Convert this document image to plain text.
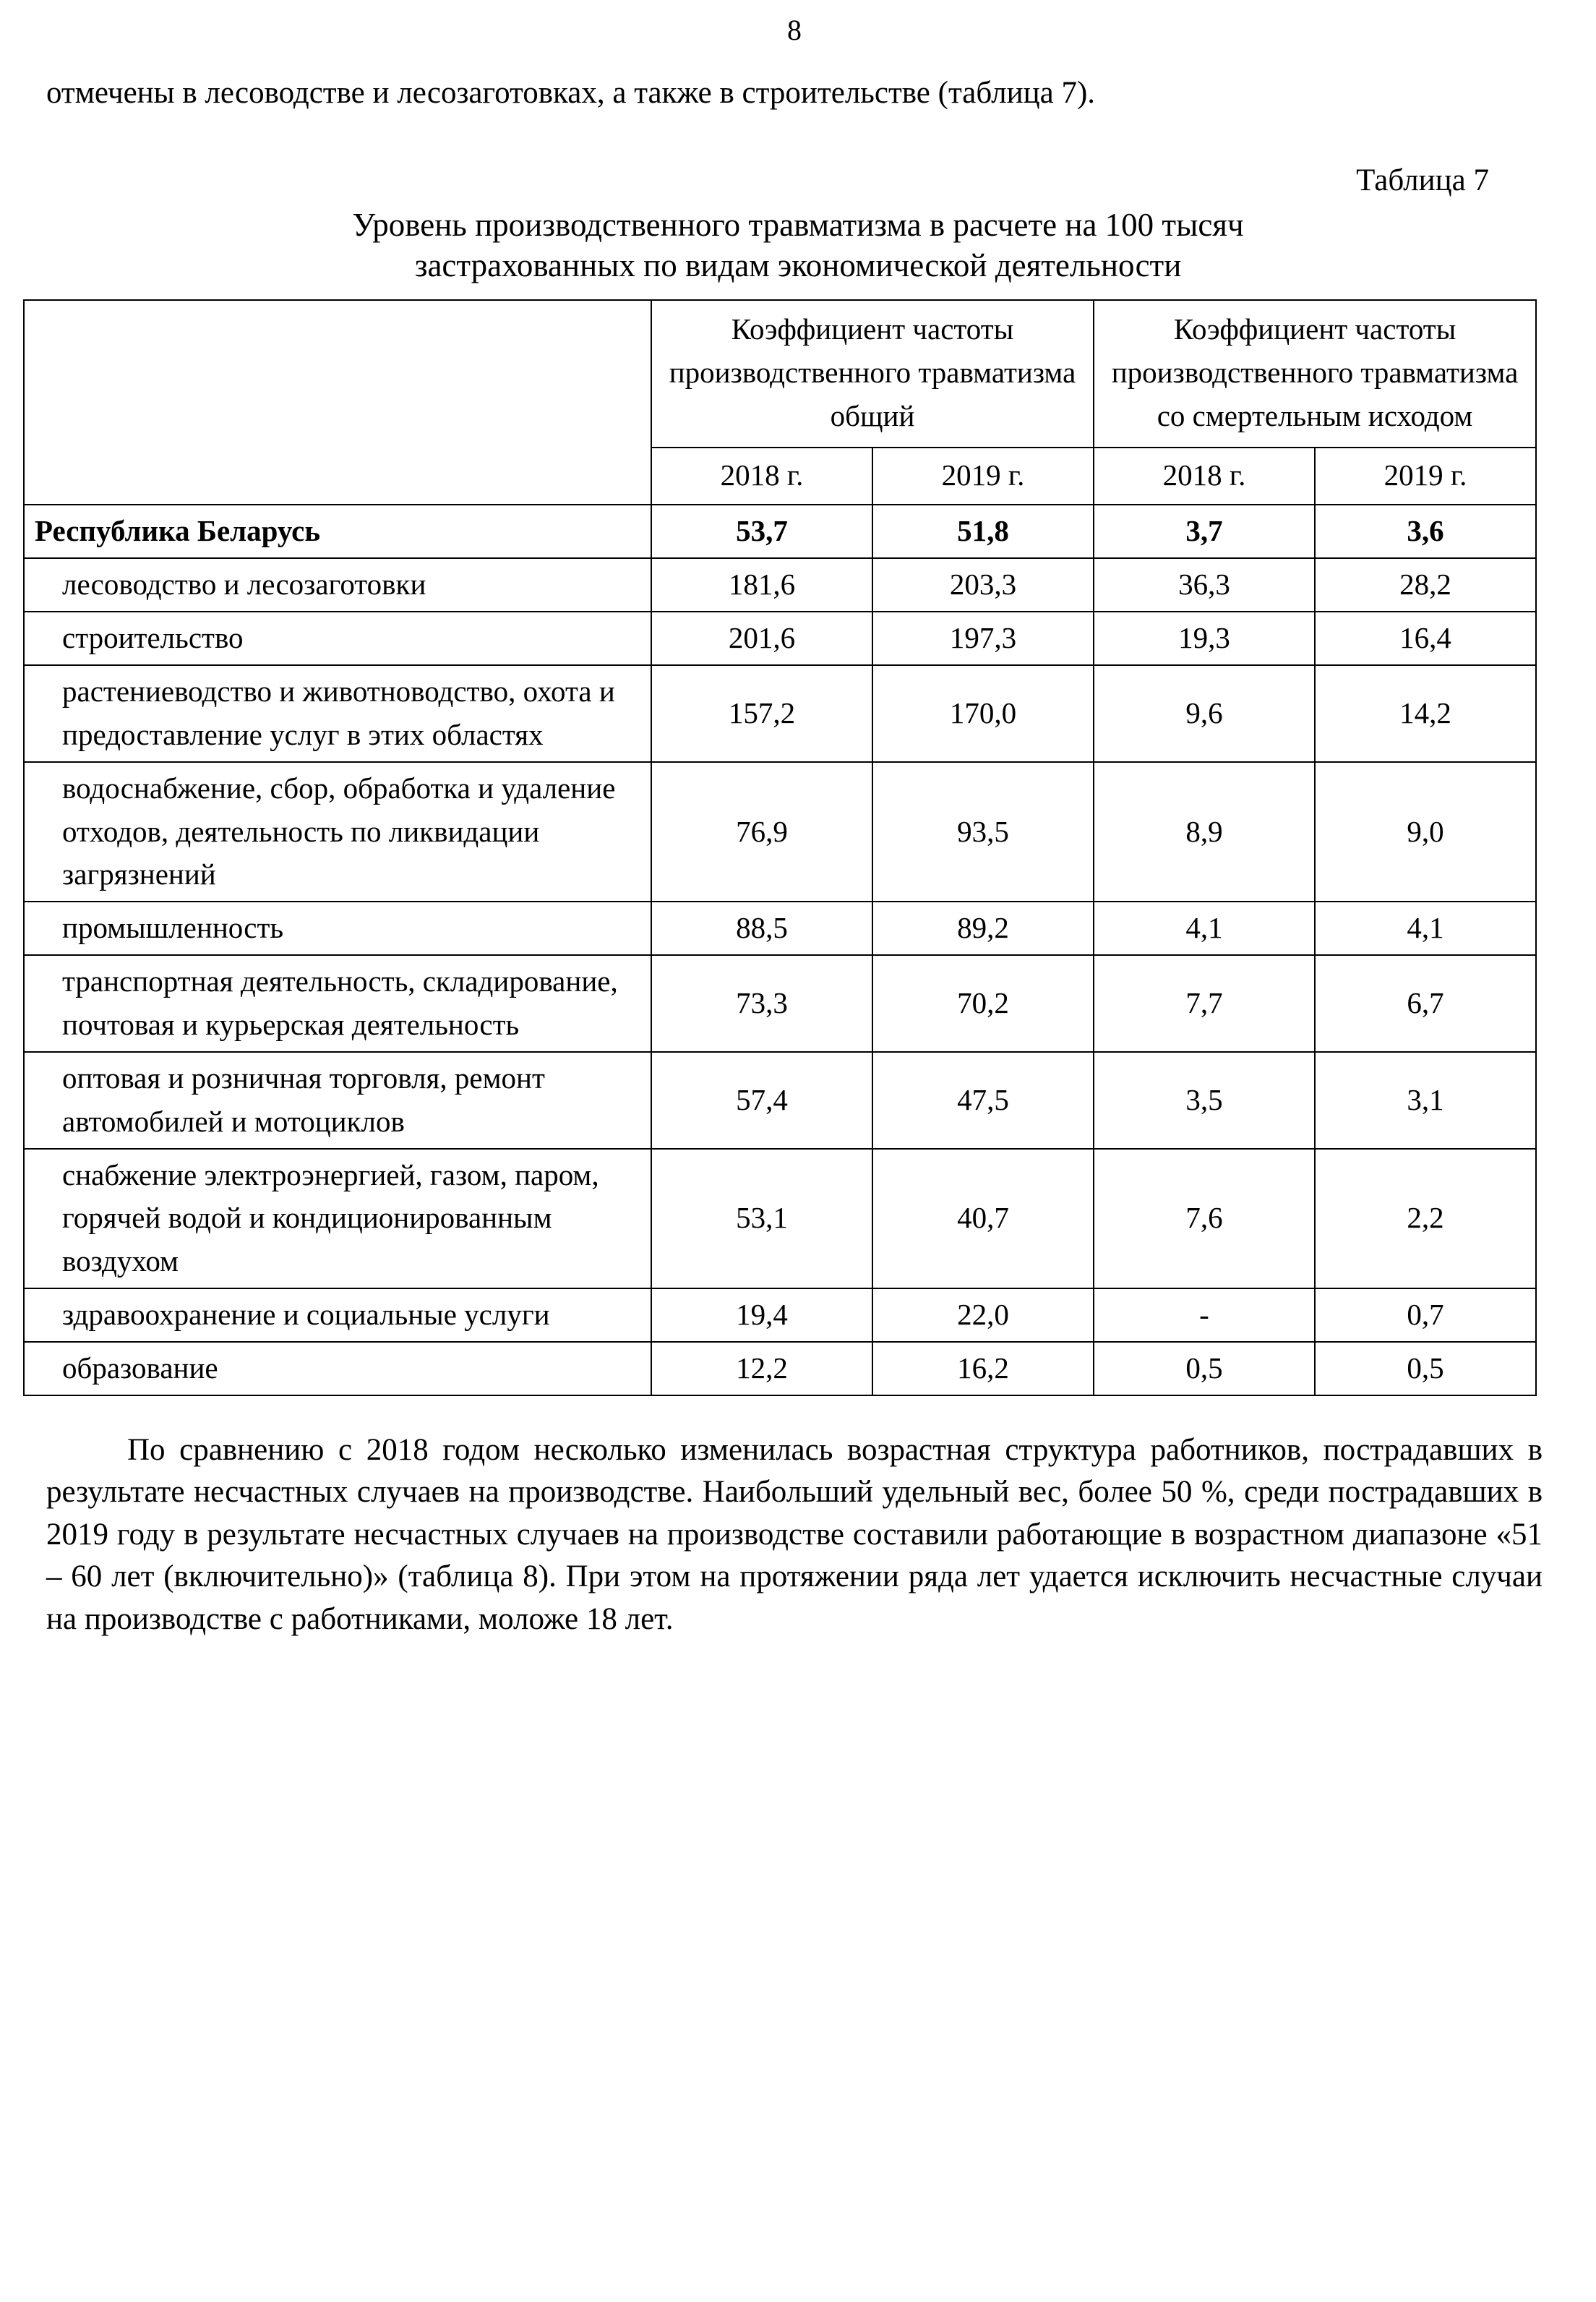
8

отмечены в лесоводстве и лесозаготовках, а также в строительстве (таблица 7).

Таблица 7
Уровень производственного травматизма в расчете на 100 тысяч
застрахованных по видам экономической деятельности
	Коэффициент частоты производственного травматизма общий		Коэффициент частоты производственного травматизма со смертельным исходом	
	2018 г.	2019 г.	2018 г.	2019 г.
Республика Беларусь	53,7	51,8	3,7	3,6
лесоводство и лесозаготовки	181,6	203,3	36,3	28,2
строительство	201,6	197,3	19,3	16,4
растениеводство и животноводство, охота и предоставление услуг в этих областях	157,2	170,0	9,6	14,2
водоснабжение, сбор, обработка и удаление отходов, деятельность по ликвидации загрязнений	76,9	93,5	8,9	9,0
промышленность	88,5	89,2	4,1	4,1
транспортная деятельность, складирование, почтовая и курьерская деятельность	73,3	70,2	7,7	6,7
оптовая и розничная торговля, ремонт автомобилей и мотоциклов	57,4	47,5	3,5	3,1
снабжение электроэнергией, газом, паром, горячей водой и кондиционированным воздухом	53,1	40,7	7,6	2,2
здравоохранение и социальные услуги	19,4	22,0	-	0,7
образование	12,2	16,2	0,5	0,5

По сравнению с 2018 годом несколько изменилась возрастная структура работников, пострадавших в результате несчастных случаев на производстве. Наибольший удельный вес, более 50 %, среди пострадавших в 2019 году в результате несчастных случаев на производстве составили работающие в возрастном диапазоне «51 – 60 лет (включительно)» (таблица 8). При этом на протяжении ряда лет удается исключить несчастные случаи на производстве с работниками, моложе 18 лет.
